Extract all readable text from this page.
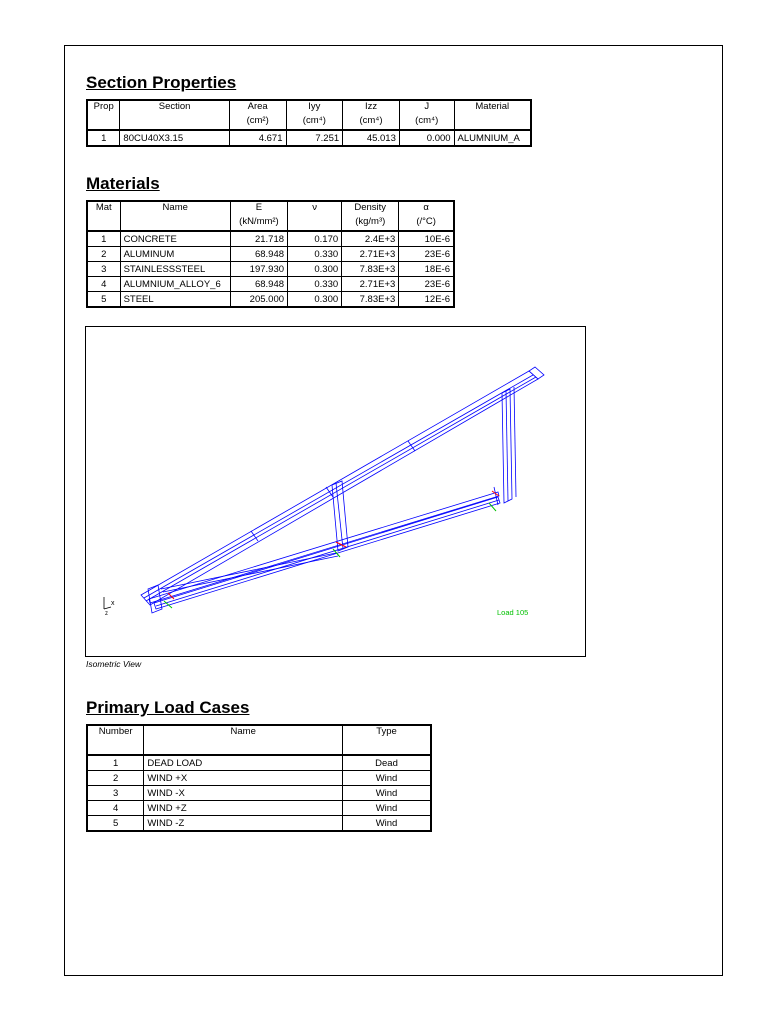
Section Properties
Prop	Section	Area	Iyy	Izz	J	Material
		(cm²)	(cm⁴)	(cm⁴)	(cm⁴)	
1	80CU40X3.15	4.671	7.251	45.013	0.000	ALUMNIUM_A
Materials
Mat	Name	E	ν	Density	α
		(kN/mm²)		(kg/m³)	(/°C)
1	CONCRETE	21.718	0.170	2.4E+3	10E-6
2	ALUMINUM	68.948	0.330	2.71E+3	23E-6
3	STAINLESSSTEEL	197.930	0.300	7.83E+3	18E-6
4	ALUMNIUM_ALLOY_6	68.948	0.330	2.71E+3	23E-6
5	STEEL	205.000	0.300	7.83E+3	12E-6
x
z	Load 105
Isometric View
Primary Load Cases
Number	Name	Type
1	DEAD LOAD	Dead
2	WIND +X	Wind
3	WIND -X	Wind
4	WIND +Z	Wind
5	WIND -Z	Wind
